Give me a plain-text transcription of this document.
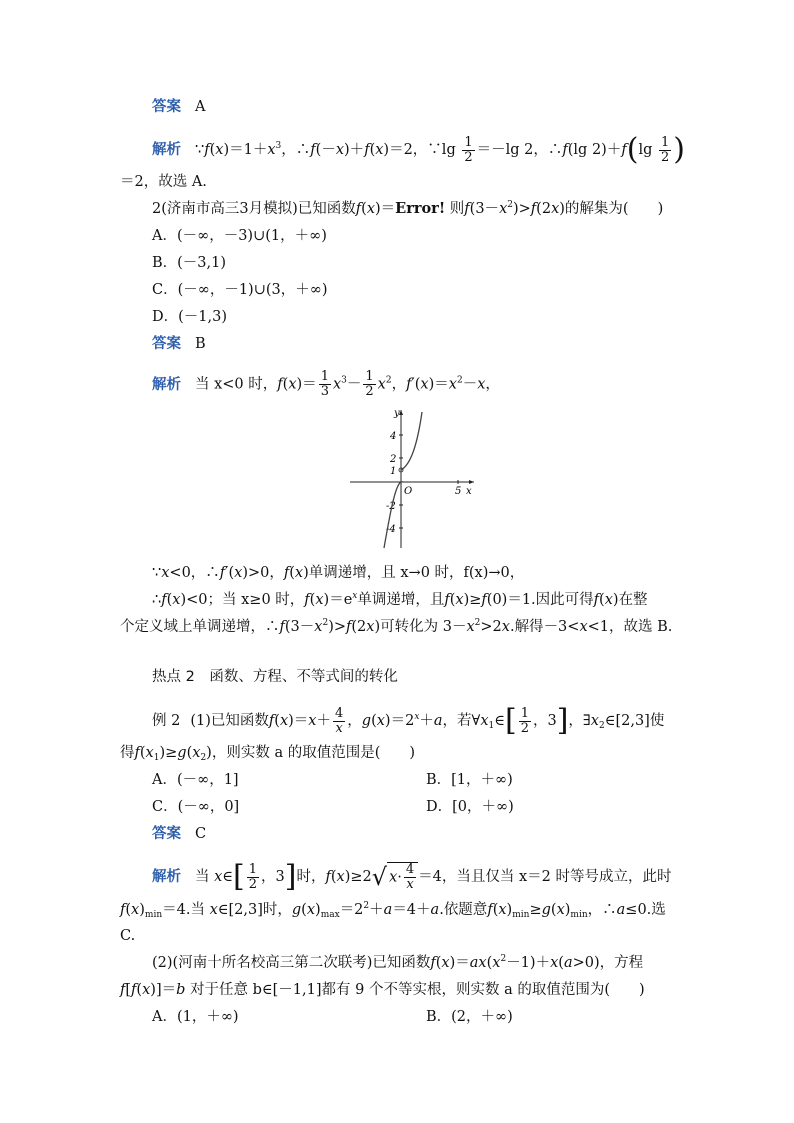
答案 A
解析 $\because f(x)=1+x^3$，∴f(－x)＋f(x)＝2，∵lg $\frac{1}{2} =-\lg$ 2，∴f(lg $2)+f(\lg \frac{1}{2}$ )
＝2，故选 A.
2(济南市高三3月模拟)已知函数f(x)＝Error! 则$f(3-x^2)>f(2x)$的解集为(　　)
A．(－∞，－3)∪(1，＋∞)
B．(－3,1)
C．(－∞，－1)∪(3，＋∞)
D．(－1,3)
答案 B
解析 当 x<0 时，$f(x)= \frac{1}{3} x^3- \frac{1}{2} x^2$，$f'(x)=x^2-x$，
4
2
1
-2
-4
5 x
y
O
∵x<0，∴f′(x)>0，f(x)单调递增，且 x→0 时，f(x)→0，
∴f(x)<0；当 x≥0 时，$f(x)=e^x$单调递增，且f(x)≥f(0)＝1.因此可得f(x)在整
个定义域上单调递增，$\therefore f(3-x^2)>f(2x)$可转化为 $3-x^2>2x$.解得－3<x<1，故选 B.
热点 2　函数、方程、不等式间的转化
例 2 (1)已知函数$f(x)=x+ \frac{4}{x}$ ，$g(x)=2^x+a$，若$\forall x_1\in[ \frac{1}{2}$ ，3]，$\exists x_2\in[2,3]$使
得$f(x_1)\ge g(x_2)$，则实数 a 的取值范围是(　　)
A．(－∞，1]	B．[1，＋∞)
C．(－∞，0]	D．[0，＋∞)
答案 C
解析 当 x∈[ $\frac{1}{2}$ ，3]时，f(x)≥2√ $x\cdot \frac{4}{x} =4$，当且仅当 x＝2 时等号成立，此时
$f(x)_{min}=4$.当 x∈[2,3]时，$g(x)_{max}=2^2+a=4+a$.依题意$f(x)_{min}\ge g(x)_{min}$，∴a≤0.选
C.
(2)(河南十所名校高三第二次联考)已知函数$f(x)=ax(x^2-1)+x(a>0)$，方程
f[f(x)]＝b 对于任意 b∈[－1,1]都有 9 个不等实根，则实数 a 的取值范围为(　　)
A．(1，＋∞)	B．(2，＋∞)
